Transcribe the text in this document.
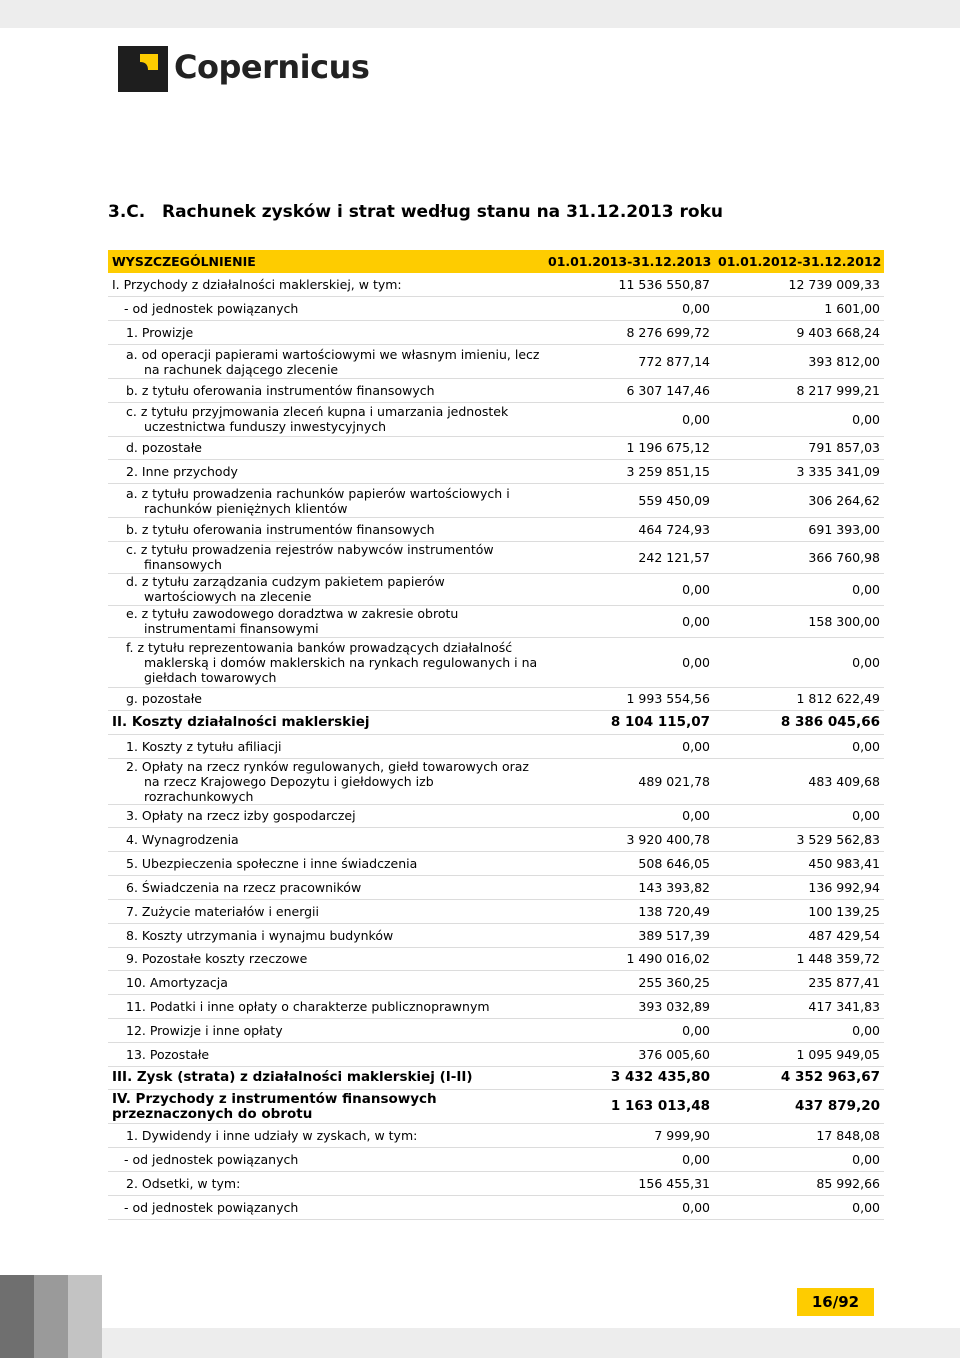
Copernicus
3.C. Rachunek zysków i strat według stanu na 31.12.2013 roku
WYSZCZEGÓLNIENIE	01.01.2013-31.12.2013	01.01.2012-31.12.2012
I. Przychody z działalności maklerskiej, w tym:	11 536 550,87	12 739 009,33
- od jednostek powiązanych	0,00	1 601,00
1. Prowizje	8 276 699,72	9 403 668,24

a. od operacji papierami wartościowymi we własnym imieniu, lecz na rachunek dającego zlecenie	772 877,14	393 812,00
b. z tytułu oferowania instrumentów finansowych	6 307 147,46	8 217 999,21

c. z tytułu przyjmowania zleceń kupna i umarzania jednostek uczestnictwa funduszy inwestycyjnych	0,00	0,00
d. pozostałe	1 196 675,12	791 857,03
2. Inne przychody	3 259 851,15	3 335 341,09

a. z tytułu prowadzenia rachunków papierów wartościowych i rachunków pieniężnych klientów	559 450,09	306 264,62
b. z tytułu oferowania instrumentów finansowych	464 724,93	691 393,00

c. z tytułu prowadzenia rejestrów nabywców instrumentów finansowych	242 121,57	366 760,98

d. z tytułu zarządzania cudzym pakietem papierów wartościowych na zlecenie	0,00	0,00

e. z tytułu zawodowego doradztwa w zakresie obrotu instrumentami finansowymi	0,00	158 300,00

f. z tytułu reprezentowania banków prowadzących działalność maklerską i domów maklerskich na rynkach regulowanych i na giełdach towarowych	0,00	0,00
g. pozostałe	1 993 554,56	1 812 622,49
II. Koszty działalności maklerskiej	8 104 115,07	8 386 045,66
1. Koszty z tytułu afiliacji	0,00	0,00

2. Opłaty na rzecz rynków regulowanych, giełd towarowych oraz na rzecz Krajowego Depozytu i giełdowych izb rozrachunkowych	489 021,78	483 409,68
3. Opłaty na rzecz izby gospodarczej	0,00	0,00
4. Wynagrodzenia	3 920 400,78	3 529 562,83
5. Ubezpieczenia społeczne i inne świadczenia	508 646,05	450 983,41
6. Świadczenia na rzecz pracowników	143 393,82	136 992,94
7. Zużycie materiałów i energii	138 720,49	100 139,25
8. Koszty utrzymania i wynajmu budynków	389 517,39	487 429,54
9. Pozostałe koszty rzeczowe	1 490 016,02	1 448 359,72
10. Amortyzacja	255 360,25	235 877,41
11. Podatki i inne opłaty o charakterze publicznoprawnym	393 032,89	417 341,83
12. Prowizje i inne opłaty	0,00	0,00
13. Pozostałe	376 005,60	1 095 949,05
III. Zysk (strata) z działalności maklerskiej (I-II)	3 432 435,80	4 352 963,67
IV. Przychody z instrumentów finansowych przeznaczonych do obrotu	1 163 013,48	437 879,20
1. Dywidendy i inne udziały w zyskach, w tym:	7 999,90	17 848,08
- od jednostek powiązanych	0,00	0,00
2. Odsetki, w tym:	156 455,31	85 992,66
- od jednostek powiązanych	0,00	0,00
16/92
